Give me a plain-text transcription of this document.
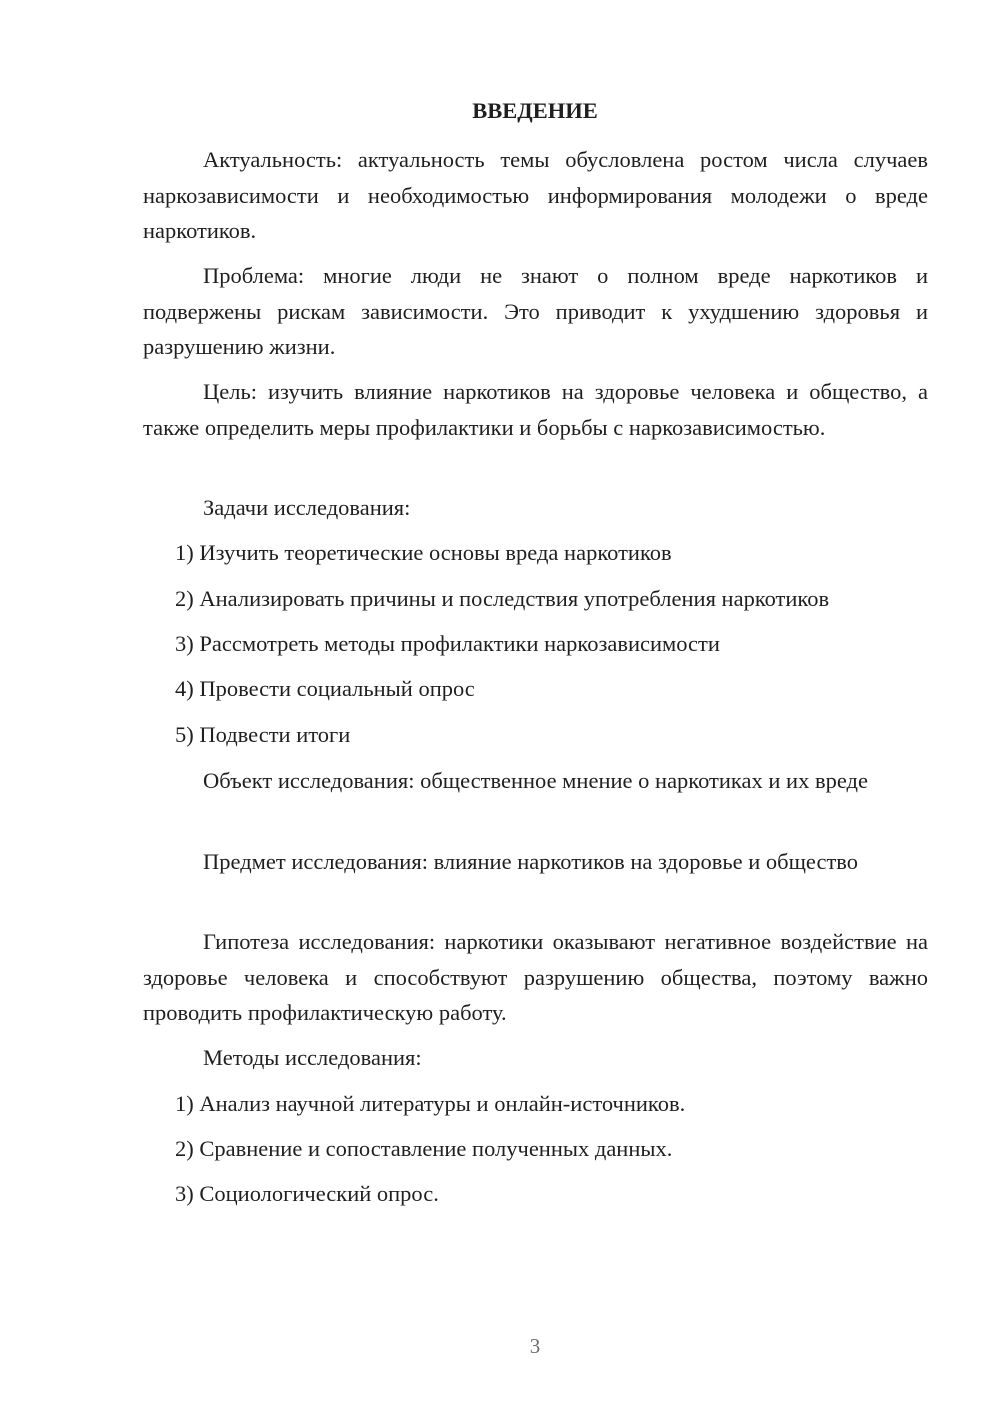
ВВЕДЕНИЕ

Актуальность: актуальность темы обусловлена ростом числа случаев наркозависимости и необходимостью информирования молодежи о вреде наркотиков.

Проблема: многие люди не знают о полном вреде наркотиков и подвержены рискам зависимости. Это приводит к ухудшению здоровья и разрушению жизни.

Цель: изучить влияние наркотиков на здоровье человека и общество, а также определить меры профилактики и борьбы с наркозависимостью.

Задачи исследования:

1) Изучить теоретические основы вреда наркотиков

2) Анализировать причины и последствия употребления наркотиков

3) Рассмотреть методы профилактики наркозависимости

4) Провести социальный опрос

5) Подвести итоги

Объект исследования: общественное мнение о наркотиках и их вреде

Предмет исследования: влияние наркотиков на здоровье и общество

Гипотеза исследования: наркотики оказывают негативное воздействие на здоровье человека и способствуют разрушению общества, поэтому важно проводить профилактическую работу.

Методы исследования:

1) Анализ научной литературы и онлайн-источников.

2) Сравнение и сопоставление полученных данных.

3) Социологический опрос.

3
